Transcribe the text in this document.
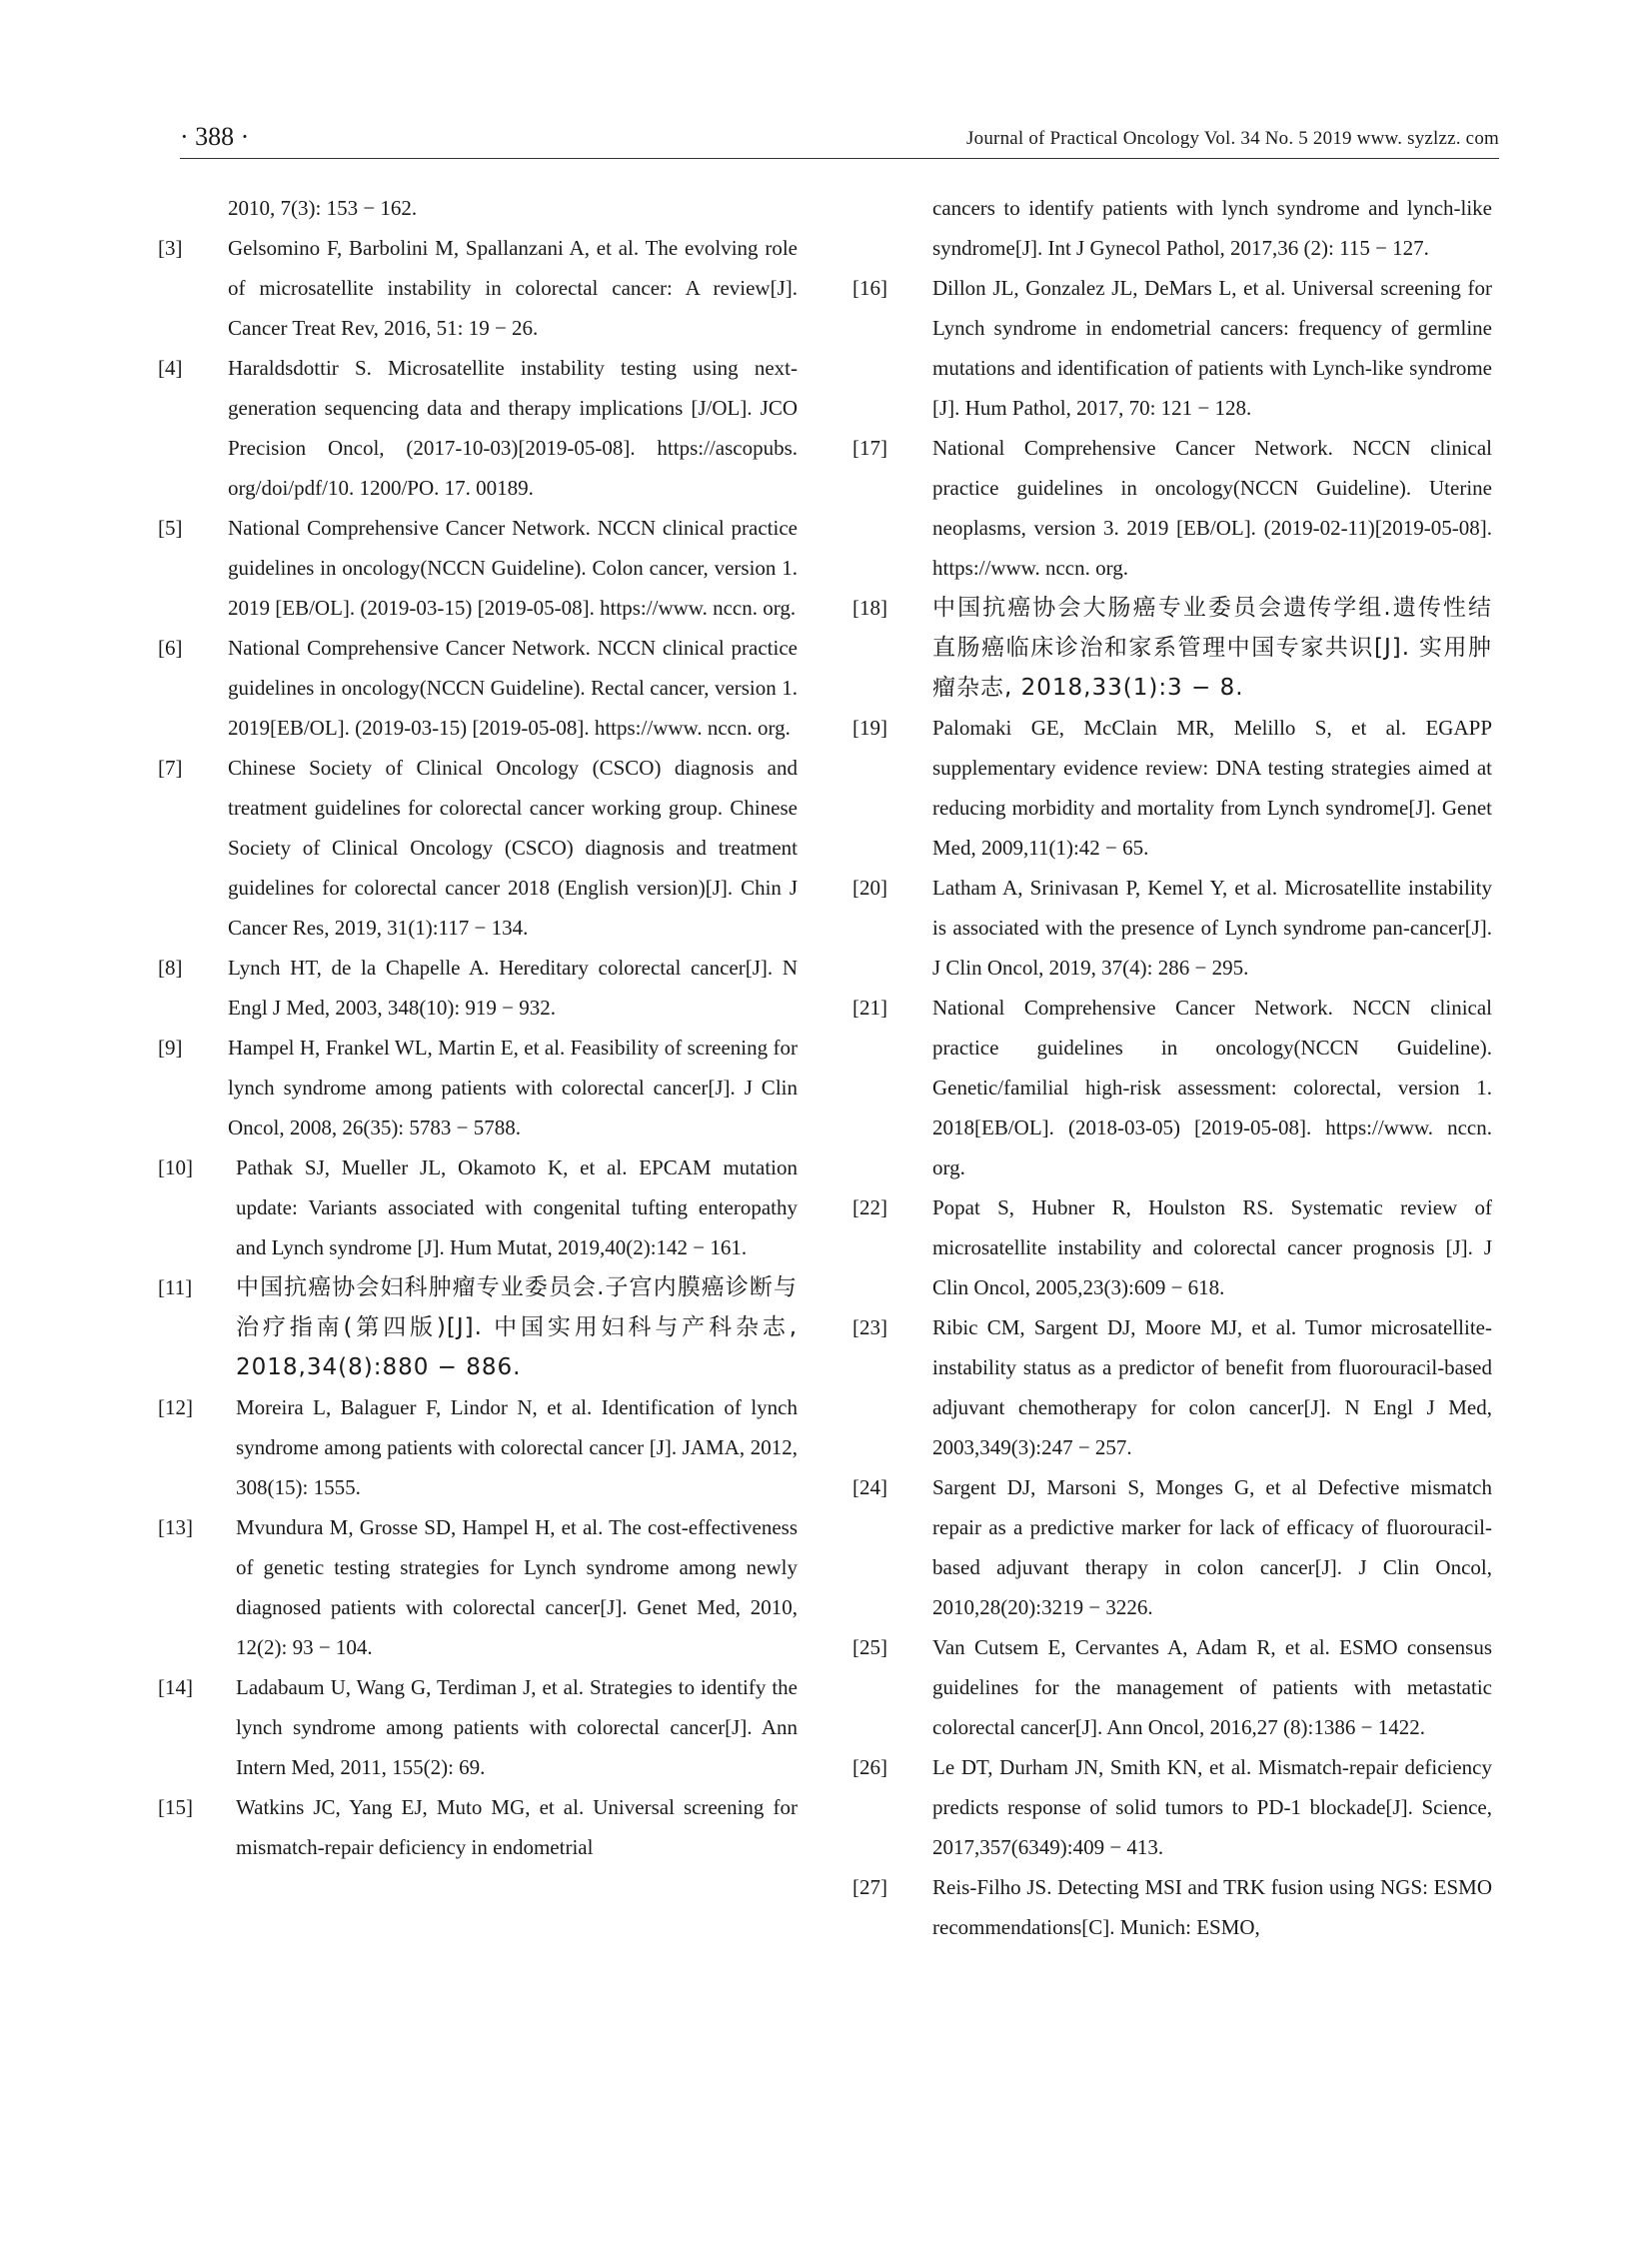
· 388 ·	Journal of Practical Oncology Vol. 34 No. 5 2019 www. syzlzz. com

2010, 7(3): 153 − 162.

[3]	Gelsomino F, Barbolini M, Spallanzani A, et al. The evolving role of microsatellite instability in colorectal cancer: A review[J]. Cancer Treat Rev, 2016, 51: 19 − 26.

[4]	Haraldsdottir S. Microsatellite instability testing using next-generation sequencing data and therapy implications [J/OL]. JCO Precision Oncol, (2017-10-03)[2019-05-08]. https://ascopubs. org/doi/pdf/10. 1200/PO. 17. 00189.

[5]	National Comprehensive Cancer Network. NCCN clinical practice guidelines in oncology(NCCN Guideline). Colon cancer, version 1. 2019 [EB/OL]. (2019-03-15) [2019-05-08]. https://www. nccn. org.

[6]	National Comprehensive Cancer Network. NCCN clinical practice guidelines in oncology(NCCN Guideline). Rectal cancer, version 1. 2019[EB/OL]. (2019-03-15) [2019-05-08]. https://www. nccn. org.

[7]	Chinese Society of Clinical Oncology (CSCO) diagnosis and treatment guidelines for colorectal cancer working group. Chinese Society of Clinical Oncology (CSCO) diagnosis and treatment guidelines for colorectal cancer 2018 (English version)[J]. Chin J Cancer Res, 2019, 31(1):117 − 134.

[8]	Lynch HT, de la Chapelle A. Hereditary colorectal cancer[J]. N Engl J Med, 2003, 348(10): 919 − 932.

[9]	Hampel H, Frankel WL, Martin E, et al. Feasibility of screening for lynch syndrome among patients with colorectal cancer[J]. J Clin Oncol, 2008, 26(35): 5783 − 5788.

[10]	Pathak SJ, Mueller JL, Okamoto K, et al. EPCAM mutation update: Variants associated with congenital tufting enteropathy and Lynch syndrome [J]. Hum Mutat, 2019,40(2):142 − 161.

[11]	中国抗癌协会妇科肿瘤专业委员会.子宫内膜癌诊断与治疗指南(第四版)[J]. 中国实用妇科与产科杂志, 2018,34(8):880 − 886.

[12]	Moreira L, Balaguer F, Lindor N, et al. Identification of lynch syndrome among patients with colorectal cancer [J]. JAMA, 2012, 308(15): 1555.

[13]	Mvundura M, Grosse SD, Hampel H, et al. The cost-effectiveness of genetic testing strategies for Lynch syndrome among newly diagnosed patients with colorectal cancer[J]. Genet Med, 2010, 12(2): 93 − 104.

[14]	Ladabaum U, Wang G, Terdiman J, et al. Strategies to identify the lynch syndrome among patients with colorectal cancer[J]. Ann Intern Med, 2011, 155(2): 69.

[15]	Watkins JC, Yang EJ, Muto MG, et al. Universal screening for mismatch-repair deficiency in endometrial

cancers to identify patients with lynch syndrome and lynch-like syndrome[J]. Int J Gynecol Pathol, 2017,36 (2): 115 − 127.

[16]	Dillon JL, Gonzalez JL, DeMars L, et al. Universal screening for Lynch syndrome in endometrial cancers: frequency of germline mutations and identification of patients with Lynch-like syndrome [J]. Hum Pathol, 2017, 70: 121 − 128.

[17]	National Comprehensive Cancer Network. NCCN clinical practice guidelines in oncology(NCCN Guideline). Uterine neoplasms, version 3. 2019 [EB/OL]. (2019-02-11)[2019-05-08]. https://www. nccn. org.

[18]	中国抗癌协会大肠癌专业委员会遗传学组.遗传性结直肠癌临床诊治和家系管理中国专家共识[J]. 实用肿瘤杂志, 2018,33(1):3 − 8.

[19]	Palomaki GE, McClain MR, Melillo S, et al. EGAPP supplementary evidence review: DNA testing strategies aimed at reducing morbidity and mortality from Lynch syndrome[J]. Genet Med, 2009,11(1):42 − 65.

[20]	Latham A, Srinivasan P, Kemel Y, et al. Microsatellite instability is associated with the presence of Lynch syndrome pan-cancer[J]. J Clin Oncol, 2019, 37(4): 286 − 295.

[21]	National Comprehensive Cancer Network. NCCN clinical practice guidelines in oncology(NCCN Guideline). Genetic/familial high-risk assessment: colorectal, version 1. 2018[EB/OL]. (2018-03-05) [2019-05-08]. https://www. nccn. org.

[22]	Popat S, Hubner R, Houlston RS. Systematic review of microsatellite instability and colorectal cancer prognosis [J]. J Clin Oncol, 2005,23(3):609 − 618.

[23]	Ribic CM, Sargent DJ, Moore MJ, et al. Tumor microsatellite-instability status as a predictor of benefit from fluorouracil-based adjuvant chemotherapy for colon cancer[J]. N Engl J Med, 2003,349(3):247 − 257.

[24]	Sargent DJ, Marsoni S, Monges G, et al Defective mismatch repair as a predictive marker for lack of efficacy of fluorouracil-based adjuvant therapy in colon cancer[J]. J Clin Oncol, 2010,28(20):3219 − 3226.

[25]	Van Cutsem E, Cervantes A, Adam R, et al. ESMO consensus guidelines for the management of patients with metastatic colorectal cancer[J]. Ann Oncol, 2016,27 (8):1386 − 1422.

[26]	Le DT, Durham JN, Smith KN, et al. Mismatch-repair deficiency predicts response of solid tumors to PD-1 blockade[J]. Science, 2017,357(6349):409 − 413.

[27]	Reis-Filho JS. Detecting MSI and TRK fusion using NGS: ESMO recommendations[C]. Munich: ESMO,
